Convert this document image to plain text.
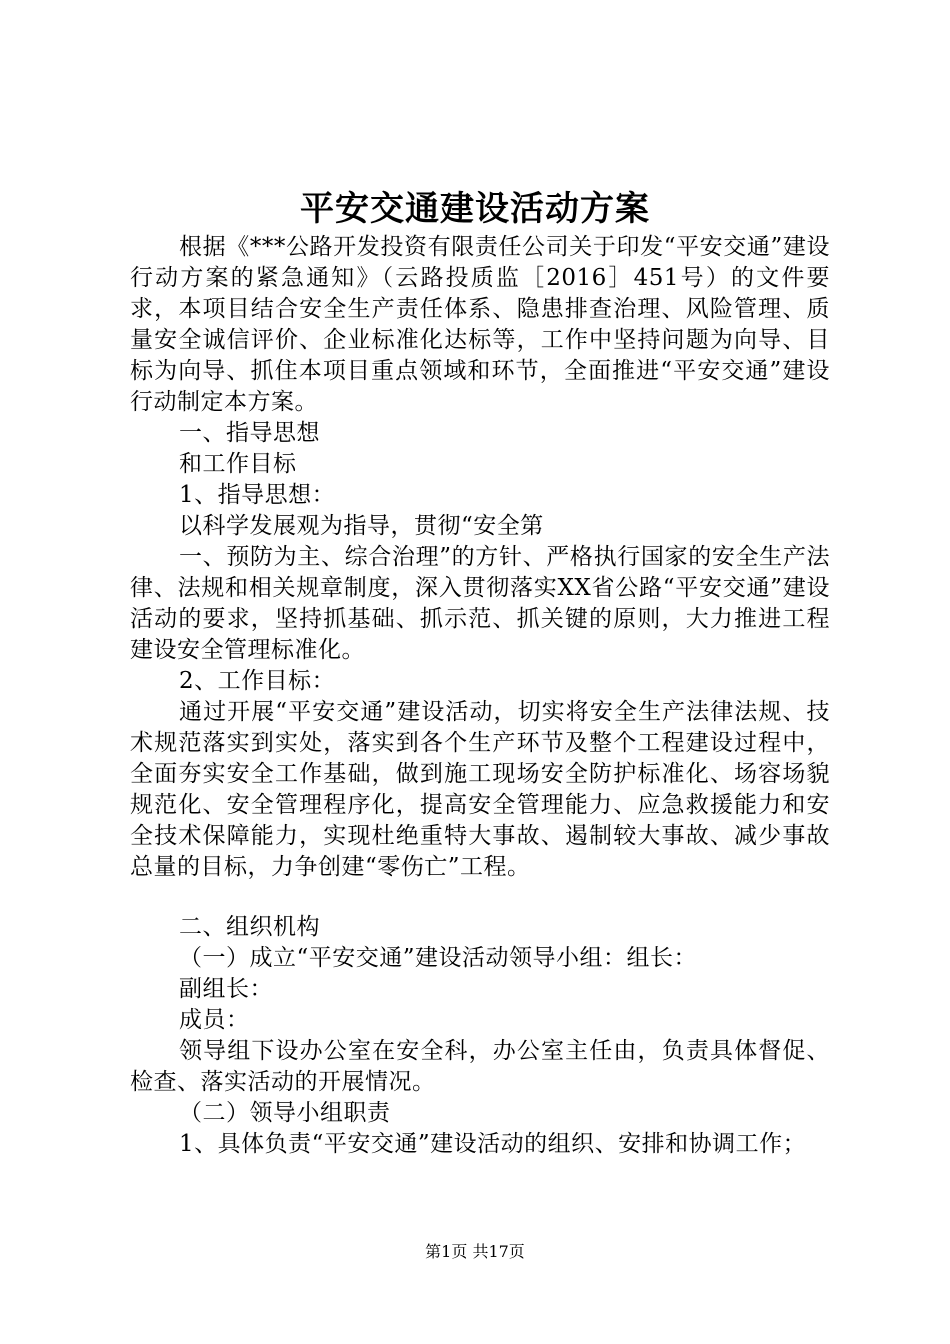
平安交通建设活动方案

根据《***公路开发投资有限责任公司关于印发“平安交通”建设行动方案的紧急通知》（云路投质监［2016］451号）的文件要求，本项目结合安全生产责任体系、隐患排查治理、风险管理、质量安全诚信评价、企业标准化达标等，工作中坚持问题为向导、目标为向导、抓住本项目重点领域和环节，全面推进“平安交通”建设行动制定本方案。

一、指导思想

和工作目标

1、指导思想：

以科学发展观为指导，贯彻“安全第

一、预防为主、综合治理”的方针、严格执行国家的安全生产法律、法规和相关规章制度，深入贯彻落实XX省公路“平安交通”建设活动的要求，坚持抓基础、抓示范、抓关键的原则，大力推进工程建设安全管理标准化。

2、工作目标：

通过开展“平安交通”建设活动，切实将安全生产法律法规、技术规范落实到实处，落实到各个生产环节及整个工程建设过程中，全面夯实安全工作基础，做到施工现场安全防护标准化、场容场貌规范化、安全管理程序化，提高安全管理能力、应急救援能力和安全技术保障能力，实现杜绝重特大事故、遏制较大事故、减少事故总量的目标，力争创建“零伤亡”工程。

二、组织机构

（一）成立“平安交通”建设活动领导小组：组长：

副组长：

成员：

领导组下设办公室在安全科，办公室主任由，负责具体督促、检查、落实活动的开展情况。

（二）领导小组职责

1、具体负责“平安交通”建设活动的组织、安排和协调工作；

第1页 共17页
